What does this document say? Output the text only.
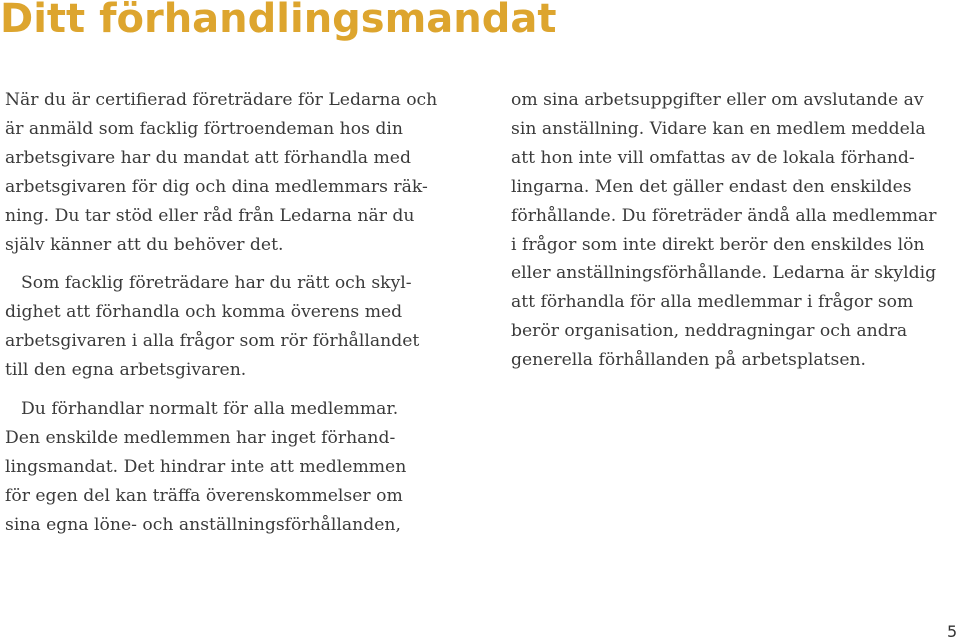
Ditt förhandlingsmandat

När du är certifierad företrädare för Ledarna och
är anmäld som facklig förtroendeman hos din
arbetsgivare har du mandat att förhandla med
arbetsgivaren för dig och dina medlemmars räk-
ning. Du tar stöd eller råd från Ledarna när du
själv känner att du behöver det.

Som facklig företrädare har du rätt och skyl-
dighet att förhandla och komma överens med
arbetsgivaren i alla frågor som rör förhållandet
till den egna arbetsgivaren.

Du förhandlar normalt för alla medlemmar.
Den enskilde medlemmen har inget förhand-
lingsmandat. Det hindrar inte att medlemmen
för egen del kan träffa överenskommelser om
sina egna löne- och anställningsförhållanden,

om sina arbetsuppgifter eller om avslutande av
sin anställning. Vidare kan en medlem meddela
att hon inte vill omfattas av de lokala förhand-
lingarna. Men det gäller endast den enskildes
förhållande. Du företräder ändå alla medlemmar
i frågor som inte direkt berör den enskildes lön
eller anställningsförhållande. Ledarna är skyldig
att förhandla för alla medlemmar i frågor som
berör organisation, neddragningar och andra
generella förhållanden på arbetsplatsen.

5
